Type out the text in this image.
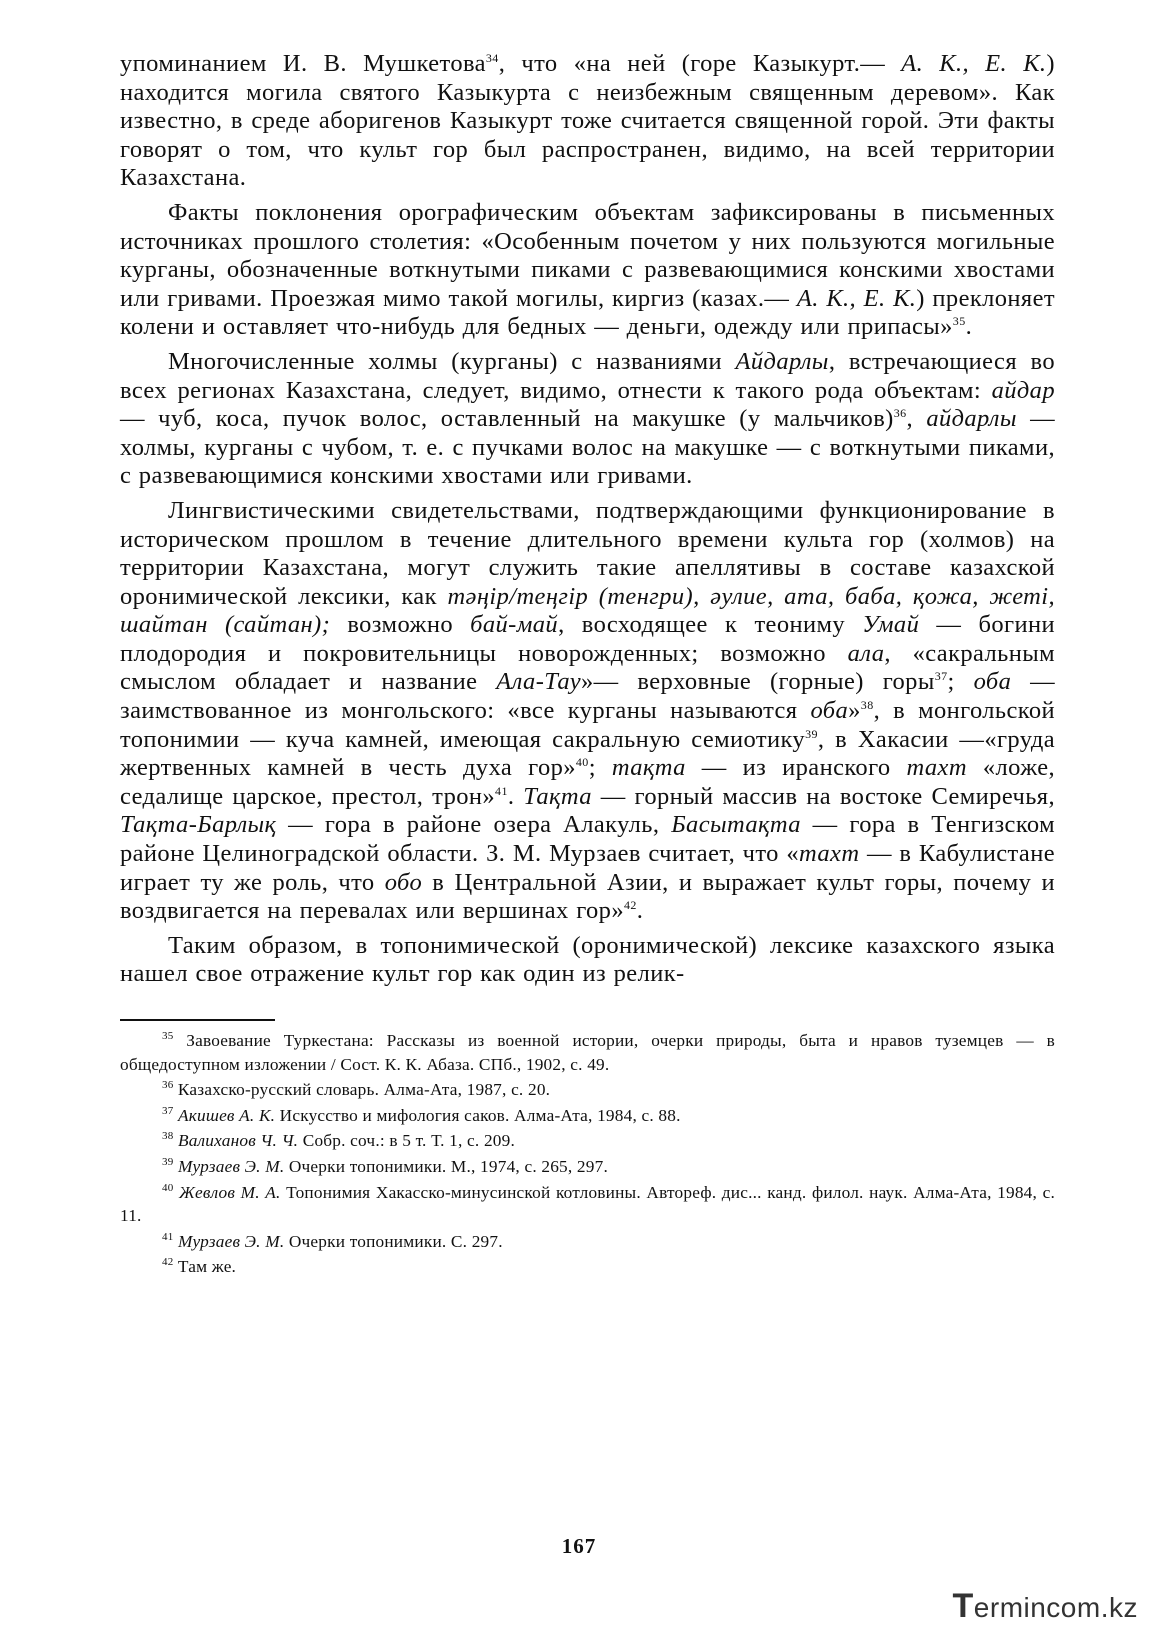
упоминанием И. В. Мушкетова$^{34}$, что «на ней (горе Казыкурт.— А. К., Е. К.) находится могила святого Казыкурта с неизбежным священным деревом». Как известно, в среде аборигенов Казыкурт тоже считается священной горой. Эти факты говорят о том, что культ гор был распространен, видимо, на всей территории Казахстана.

Факты поклонения орографическим объектам зафиксированы в письменных источниках прошлого столетия: «Особенным почетом у них пользуются могильные курганы, обозначенные воткнутыми пиками с развевающимися конскими хвостами или гривами. Проезжая мимо такой могилы, киргиз (казах.— А. К., Е. К.) преклоняет колени и оставляет что-нибудь для бедных — деньги, одежду или припасы»$^{35}$.

Многочисленные холмы (курганы) с названиями Айдарлы, встречающиеся во всех регионах Казахстана, следует, видимо, отнести к такого рода объектам: айдар — чуб, коса, пучок волос, оставленный на макушке (у мальчиков)$^{36}$, айдарлы — холмы, курганы с чубом, т. е. с пучками волос на макушке — с воткнутыми пиками, с развевающимися конскими хвостами или гривами.

Лингвистическими свидетельствами, подтверждающими функционирование в историческом прошлом в течение длительного времени культа гор (холмов) на территории Казахстана, могут служить такие апеллятивы в составе казахской оронимической лексики, как тәңір/тeңгір (тенгри), әулие, ата, баба, қожа, жеті, шайтан (сайтан); возможно бай-май, восходящее к теониму Умай — богини плодородия и покровительницы новорожденных; возможно ала, «сакральным смыслом обладает и название Ала-Тау»— верховные (горные) горы$^{37}$; оба — заимствованное из монгольского: «все курганы называются оба»$^{38}$, в монгольской топонимии — куча камней, имеющая сакральную семиотику$^{39}$, в Хакасии —«груда жертвенных камней в честь духа гор»$^{40}$; тақта — из иранского тахт «ложе, седалище царское, престол, трон»$^{41}$. Тақта — горный массив на востоке Семиречья, Тақта-Барлық — гора в районе озера Алакуль, Басытақта — гора в Тенгизском районе Целиноградской области. З. М. Мурзаев считает, что «тахт — в Кабулистане играет ту же роль, что обо в Центральной Азии, и выражает культ горы, почему и воздвигается на перевалах или вершинах гор»$^{42}$.

Таким образом, в топонимической (оронимической) лексике казахского языка нашел свое отражение культ гор как один из релик-

$^{35}$ Завоевание Туркестана: Рассказы из военной истории, очерки природы, быта и нравов туземцев — в общедоступном изложении / Сост. К. К. Абаза. СПб., 1902, с. 49.

$^{36}$ Казахско-русский словарь. Алма-Ата, 1987, с. 20.

$^{37}$ Акишев А. К. Искусство и мифология саков. Алма-Ата, 1984, с. 88.

$^{38}$ Валиханов Ч. Ч. Собр. соч.: в 5 т. Т. 1, с. 209.

$^{39}$ Мурзаев Э. М. Очерки топонимики. М., 1974, с. 265, 297.

$^{40}$ Жевлов М. А. Топонимия Хакасско-минусинской котловины. Автореф. дис... канд. филол. наук. Алма-Ата, 1984, с. 11.

$^{41}$ Мурзаев Э. М. Очерки топонимики. С. 297.

$^{42}$ Там же.

167
Termincom.kz
